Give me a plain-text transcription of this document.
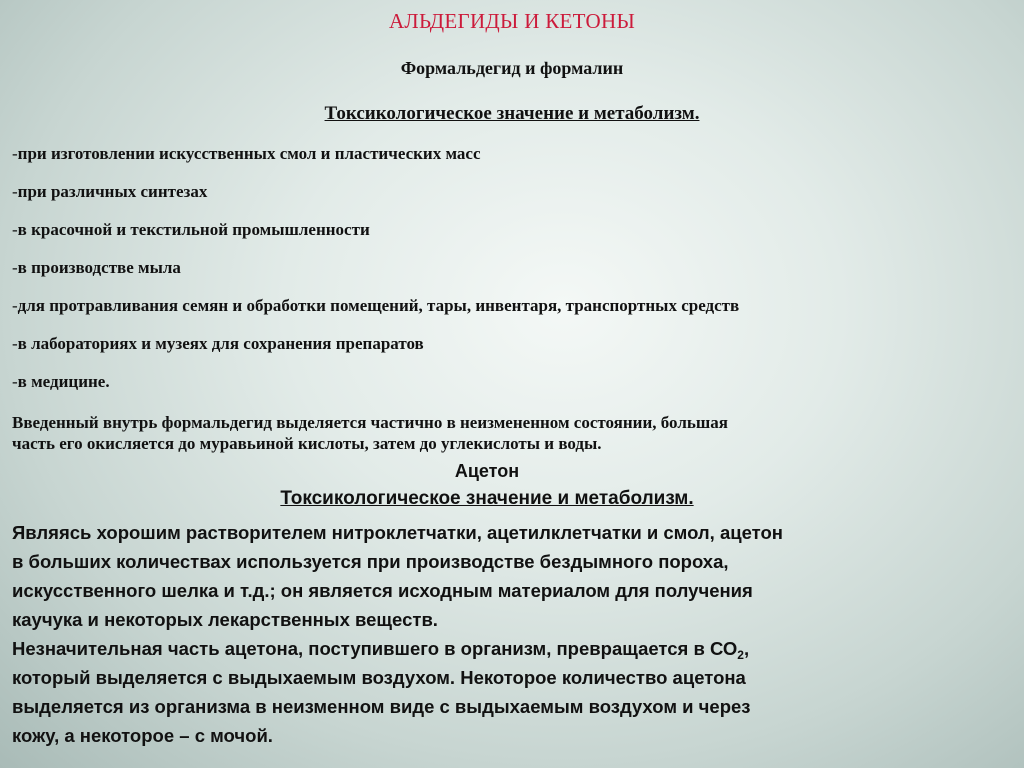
АЛЬДЕГИДЫ И КЕТОНЫ
Формальдегид и формалин
Токсикологическое значение и метаболизм.
-при изготовлении искусственных смол и пластических масс
-при различных синтезах
-в красочной и текстильной промышленности
-в производстве мыла
-для протравливания семян и обработки помещений, тары, инвентаря, транспортных средств
-в лабораториях и музеях для сохранения препаратов
-в медицине.
Введенный внутрь формальдегид выделяется частично в неизмененном состоянии, большая
часть его окисляется до муравьиной кислоты, затем до углекислоты и воды.
Ацетон
Токсикологическое значение и метаболизм.
Являясь хорошим растворителем нитроклетчатки, ацетилклетчатки и смол, ацетон
в больших количествах используется при производстве бездымного пороха,
искусственного шелка и т.д.; он является исходным материалом для получения
каучука и некоторых лекарственных веществ.
Незначительная часть ацетона, поступившего в организм, превращается в $СО_2$,
который выделяется с выдыхаемым воздухом. Некоторое количество ацетона
выделяется из организма в неизменном виде с выдыхаемым воздухом и через
кожу, а некоторое – с мочой.
